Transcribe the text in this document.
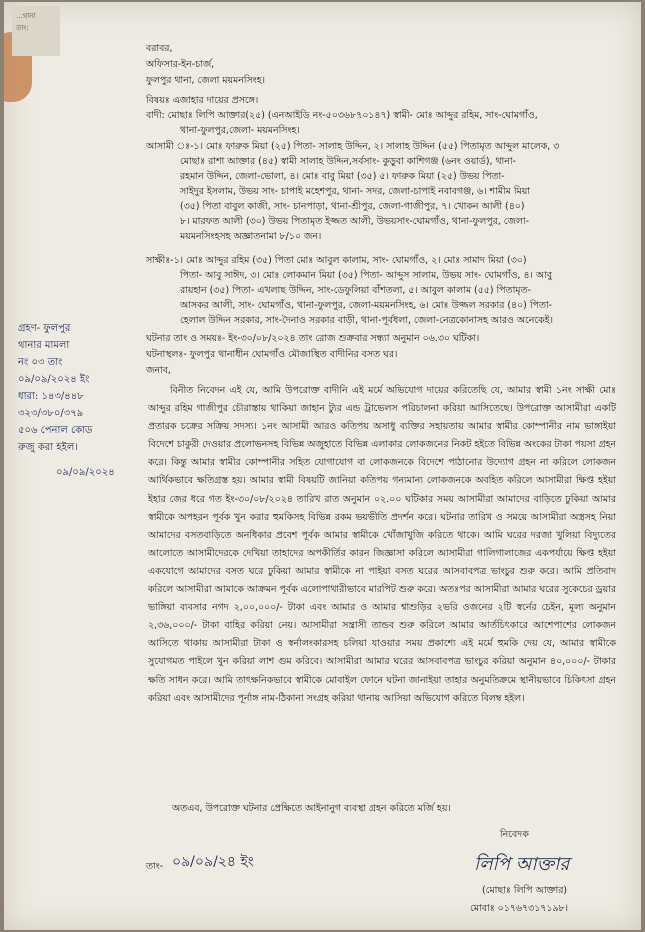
...থানা
তাং:
বরাবর,
অফিসার-ইন-চার্জ,
ফুলপুর থানা, জেলা ময়মনসিংহ।
বিষয়ঃ এজাহার দায়ের প্রসঙ্গে।
বাদী: মোছাঃ লিপি আক্তার(২৫) (এনআইডি নং-৫০৩৬৮৭০১৪৭) স্বামী- মোঃ আব্দুর রহিম, সাং-ঘোমগাঁও,
থানা-ফুলপুর,জেলা- ময়মনসিংহ।
আসামী ঃ-১। মোঃ ফারুক মিয়া (২৫) পিতা- সালাহ উদ্দিন, ২। সালাহ উদ্দিন (৫৫) পিতামৃত আব্দুল মালেক, ৩
মোছাঃ রাশা আক্তার (৪৫) স্বামী সালাহ উদ্দিন,সর্বসাং- কুড়ুবা কাশিগঞ্জ (৬নং ওয়ার্ড), থানা-
রহমান উদ্দিন, জেলা-ভোলা, ৪। মোঃ বাবু মিয়া (৩৫) ৫। ফারুক মিয়া (২৫) উভয় পিতা-
সাইদুর ইসলাম, উভয় সাং- চাপাই মহেশপুর, থানা- সদর, জেলা-চাপাই নবাবগঞ্জ, ৬। শামীম মিয়া
(৩৫) পিতা বাবুল কাজী, সাং- চানপাড়া, থানা-শ্রীপুর, জেলা-গাজীপুর, ৭। খোকন আলী (৪০)
৮। মারফত আলী (৩০) উভয় পিতামৃত ইজ্জত আলী, উভয়সাং-ঘোমগাঁও, থানা-ফুলপুর, জেলা-
ময়মনসিংহসহ অজ্ঞাতনামা ৮/১০ জন।
সাক্ষীঃ-১। মোঃ আব্দুর রহিম (৩৫) পিতা মোঃ আবুল কালাম, সাং- ঘোমগাঁও, ২। মোঃ সামাদ মিয়া (৩০)
পিতা- আবু সাঈদ, ৩। মোঃ লোকমান মিয়া (৩৫) পিতা- আব্দুস সালাম, উভয় সাং- ঘোমগাঁও, ৪। আবু
রায়হান (৩৫) পিতা- এখলাছ উদ্দিন, সাং-ডেফুলিয়া বাঁশতলা, ৫। আবুল কালাম (৫৫) পিতামৃত-
আসকর আলী, সাং- ঘোমগাঁও, থানা-ফুলপুর, জেলা-ময়মনসিংহ, ৬। মোঃ উজ্জল সরকার (৪০) পিতা-
হেলাল উদ্দিন সরকার, সাং-দৈনাও সরকার বাড়ী, থানা-পূর্বধলা, জেলা-নেত্রকোনাসহ আরও অনেকেই।
ঘটনার তাং ও সময়ঃ- ইং-৩০/০৮/২০২৪ তাং রোজ শুক্রবার সন্ধ্যা অনুমান ০৬.৩০ ঘটিকা।
ঘটনাস্থলঃ- ফুলপুর থানাধীন ঘোমগাঁও মৌজাস্থিত বাদীনির বসত ঘর।
জনাব,
বিনীত নিবেদন এই যে, আমি উপরোক্ত বাদীনি এই মর্মে অভিযোগ দায়ের করিতেছি যে, আমার স্বামী ১নং সাক্ষী মোঃ আব্দুর রহিম গাজীপুর চৌরাস্তায় থাকিয়া জাহান ট্যুর এন্ড ট্রাভেলস পরিচালনা করিয়া আসিতেছে। উপরোক্ত আসামীরা একটি প্রতারক চক্রের সক্রিয় সদস্য। ১নং আসামী আরও কতিপয় অসাধু ব্যক্তির সহায়তায় আমার স্বামীর কোম্পানীর নাম ভাঙ্গাইয়া বিদেশে চাকুরী দেওয়ার প্রলোভনসহ বিভিন্ন অজুহাতে বিভিন্ন এলাকার লোকজনের নিকট হইতে বিভিন্ন অংকের টাকা পয়সা গ্রহন করে। কিন্তু আমার স্বামীর কোম্পানীর সহিত যোগাযোগ বা লোকজনকে বিদেশে পাঠানোর উদ্যোগ গ্রহন না করিলে লোকজন আর্থিকভাবে ক্ষতিগ্রস্ত হয়। আমার স্বামী বিষয়টি জানিয়া কতিপয় গন্যমান্য লোকজনকে অবহিত করিলে আসামীরা ক্ষিপ্ত হইয়া ইহার জের ধরে গত ইং-৩০/০৮/২০২৪ তারিখ রাত অনুমান ০২.০০ ঘটিকার সময় আসামীরা আমাদের বাড়িতে ঢুকিয়া আমার স্বামীকে অপহরন পূর্বক খুন করার হুমকিসহ বিভিন্ন রকম ভয়ভীতি প্রদর্শন করে। ঘটনার তারিখ ও সময়ে আসামীরা অস্ত্রসহ নিয়া আমাদের বসতবাড়িতে অনধিকার প্রবেশ পূর্বক আমার স্বামীকে খোঁজাখুজি করিতে থাকে। আমি ঘরের দরজা খুলিয়া বিদ্যুতের আলোতে আসামীদেরকে দেখিয়া তাহাদের অপকীর্তির কারন জিজ্ঞাসা করিলে আসামীরা গালিগালাজের একপর্যায়ে ক্ষিপ্ত হইয়া একযোগে আমাদের বসত ঘরে ঢুকিয়া আমার স্বামীকে না পাইয়া বসত ঘরের আসবাবপত্র ভাংচুর শুরু করে। আমি প্রতিবাদ করিলে আসামীরা আমাকে আক্রমন পূর্বক এলোপাথারীভাবে মারপিট শুরু করে। অতঃপর আসামীরা আমার ঘরের সুকেচের ড্রয়ার ভাঙ্গিয়া ব্যবসার নগদ ২,০০,০০০/- টাকা এবং আমার ও আমার শ্বাশুড়ির ২ভরি ওজনের ২টি স্বর্নের চেইন, মূল্য অনুমান ২,৩৬,০০০/- টাকা বাহির করিয়া নেয়। আসামীরা সন্ত্রাসী তান্ডব শুরু করিলে আমার আর্তচিৎকারে আশেপাশের লোকজন আসিতে থাকায় আসামীরা টাকা ও স্বর্নালংকারসহ চলিয়া যাওয়ার সময় প্রকাশ্যে এই মর্মে হুমকি দেয় যে, আমার স্বামীকে সুযোগমত পাইলে খুন করিয়া লাশ গুম করিবে। আসামীরা আমার ঘরের আসবাবপত্র ভাংচুর করিয়া অনুমান ৪০,০০০/- টাকার ক্ষতি সাধন করে। আমি তাৎক্ষনিকভাবে স্বামীকে মোবাইল ফোনে ঘটনা জানাইয়া তাহার অনুমতিক্রমে স্থানীয়ভাবে চিকিৎসা গ্রহন করিয়া এবং আসামীদের পূর্নাঙ্গ নাম-ঠিকানা সংগ্রহ করিয়া থানায় আসিয়া অভিযোগ করিতে বিলম্ব হইল।
অতএব, উপরোক্ত ঘটনার প্রেক্ষিতে আইনানুগ ব্যবস্থা গ্রহন করিতে মর্জি হয়।
নিবেদক
লিপি আক্তার
(মোছাঃ লিপি আক্তার)
মোবাঃ ০১৭৬৭৩১৭১৯৮।
তাং- ০৯/০৯/২৪ ইং
গ্রহণ- ফুলপুর
থানার মামলা
নং ০৩ তাং
০৯/০৯/২০২৪ ইং
ধারা: ১৪৩/৪৪৮
৩২৩/৩৮০/৩৭৯
৫০৬ পেনাল কোড
রুজু করা হইল।
০৯/০৯/২০২৪
